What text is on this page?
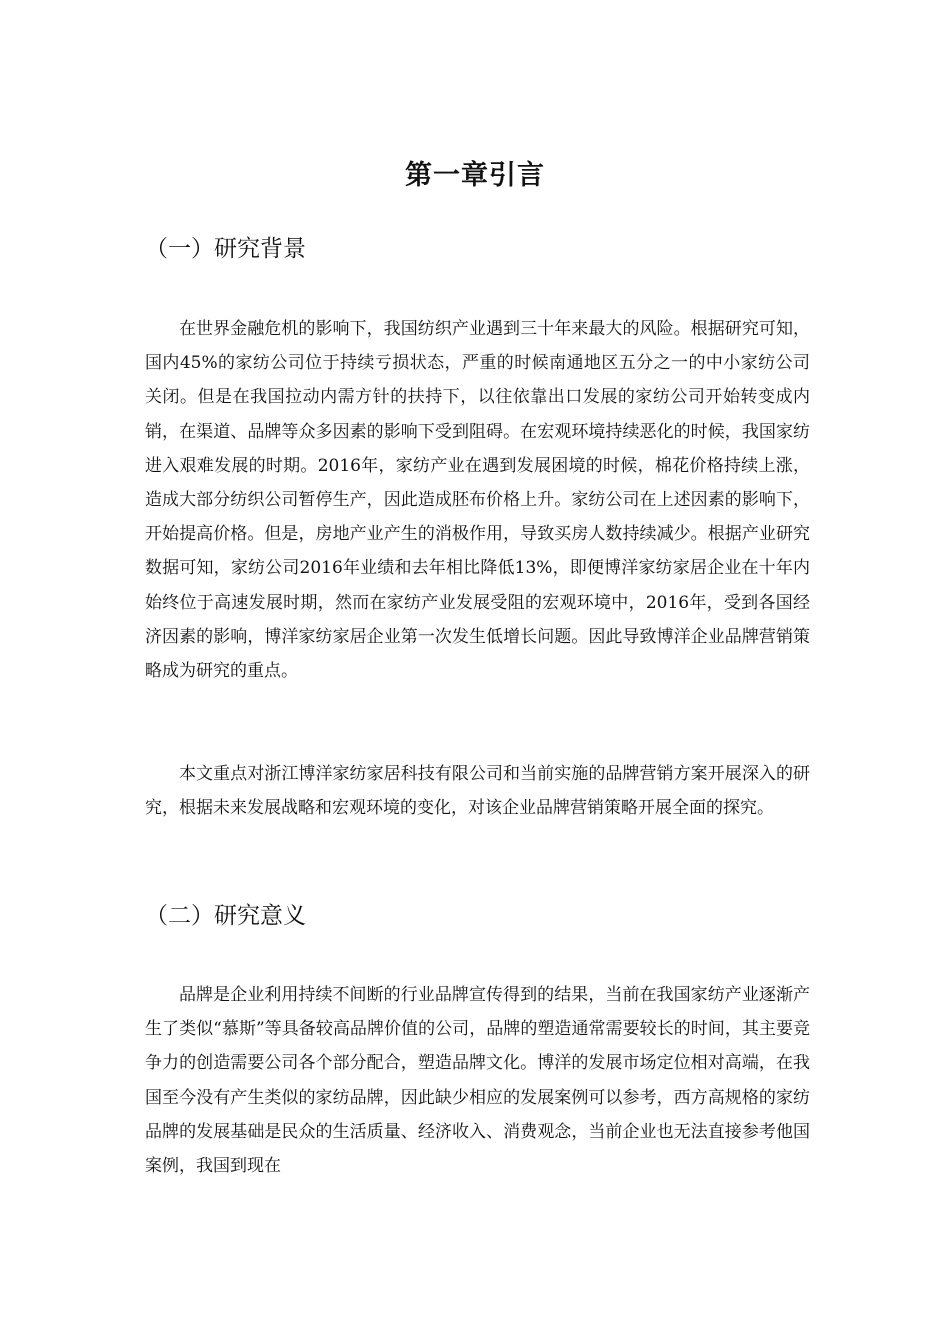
第一章引言
（一）研究背景

在世界金融危机的影响下，我国纺织产业遇到三十年来最大的风险。根据研究可知，国内45%的家纺公司位于持续亏损状态，严重的时候南通地区五分之一的中小家纺公司关闭。但是在我国拉动内需方针的扶持下，以往依靠出口发展的家纺公司开始转变成内销，在渠道、品牌等众多因素的影响下受到阻碍。在宏观环境持续恶化的时候，我国家纺进入艰难发展的时期。2016年，家纺产业在遇到发展困境的时候，棉花价格持续上涨，造成大部分纺织公司暂停生产，因此造成胚布价格上升。家纺公司在上述因素的影响下，开始提高价格。但是，房地产业产生的消极作用，导致买房人数持续减少。根据产业研究数据可知，家纺公司2016年业绩和去年相比降低13%，即便博洋家纺家居企业在十年内始终位于高速发展时期，然而在家纺产业发展受阻的宏观环境中，2016年，受到各国经济因素的影响，博洋家纺家居企业第一次发生低增长问题。因此导致博洋企业品牌营销策略成为研究的重点。

本文重点对浙江博洋家纺家居科技有限公司和当前实施的品牌营销方案开展深入的研究，根据未来发展战略和宏观环境的变化，对该企业品牌营销策略开展全面的探究。

（二）研究意义

品牌是企业利用持续不间断的行业品牌宣传得到的结果，当前在我国家纺产业逐渐产生了类似“慕斯”等具备较高品牌价值的公司，品牌的塑造通常需要较长的时间，其主要竞争力的创造需要公司各个部分配合，塑造品牌文化。博洋的发展市场定位相对高端，在我国至今没有产生类似的家纺品牌，因此缺少相应的发展案例可以参考，西方高规格的家纺品牌的发展基础是民众的生活质量、经济收入、消费观念，当前企业也无法直接参考他国案例，我国到现在
